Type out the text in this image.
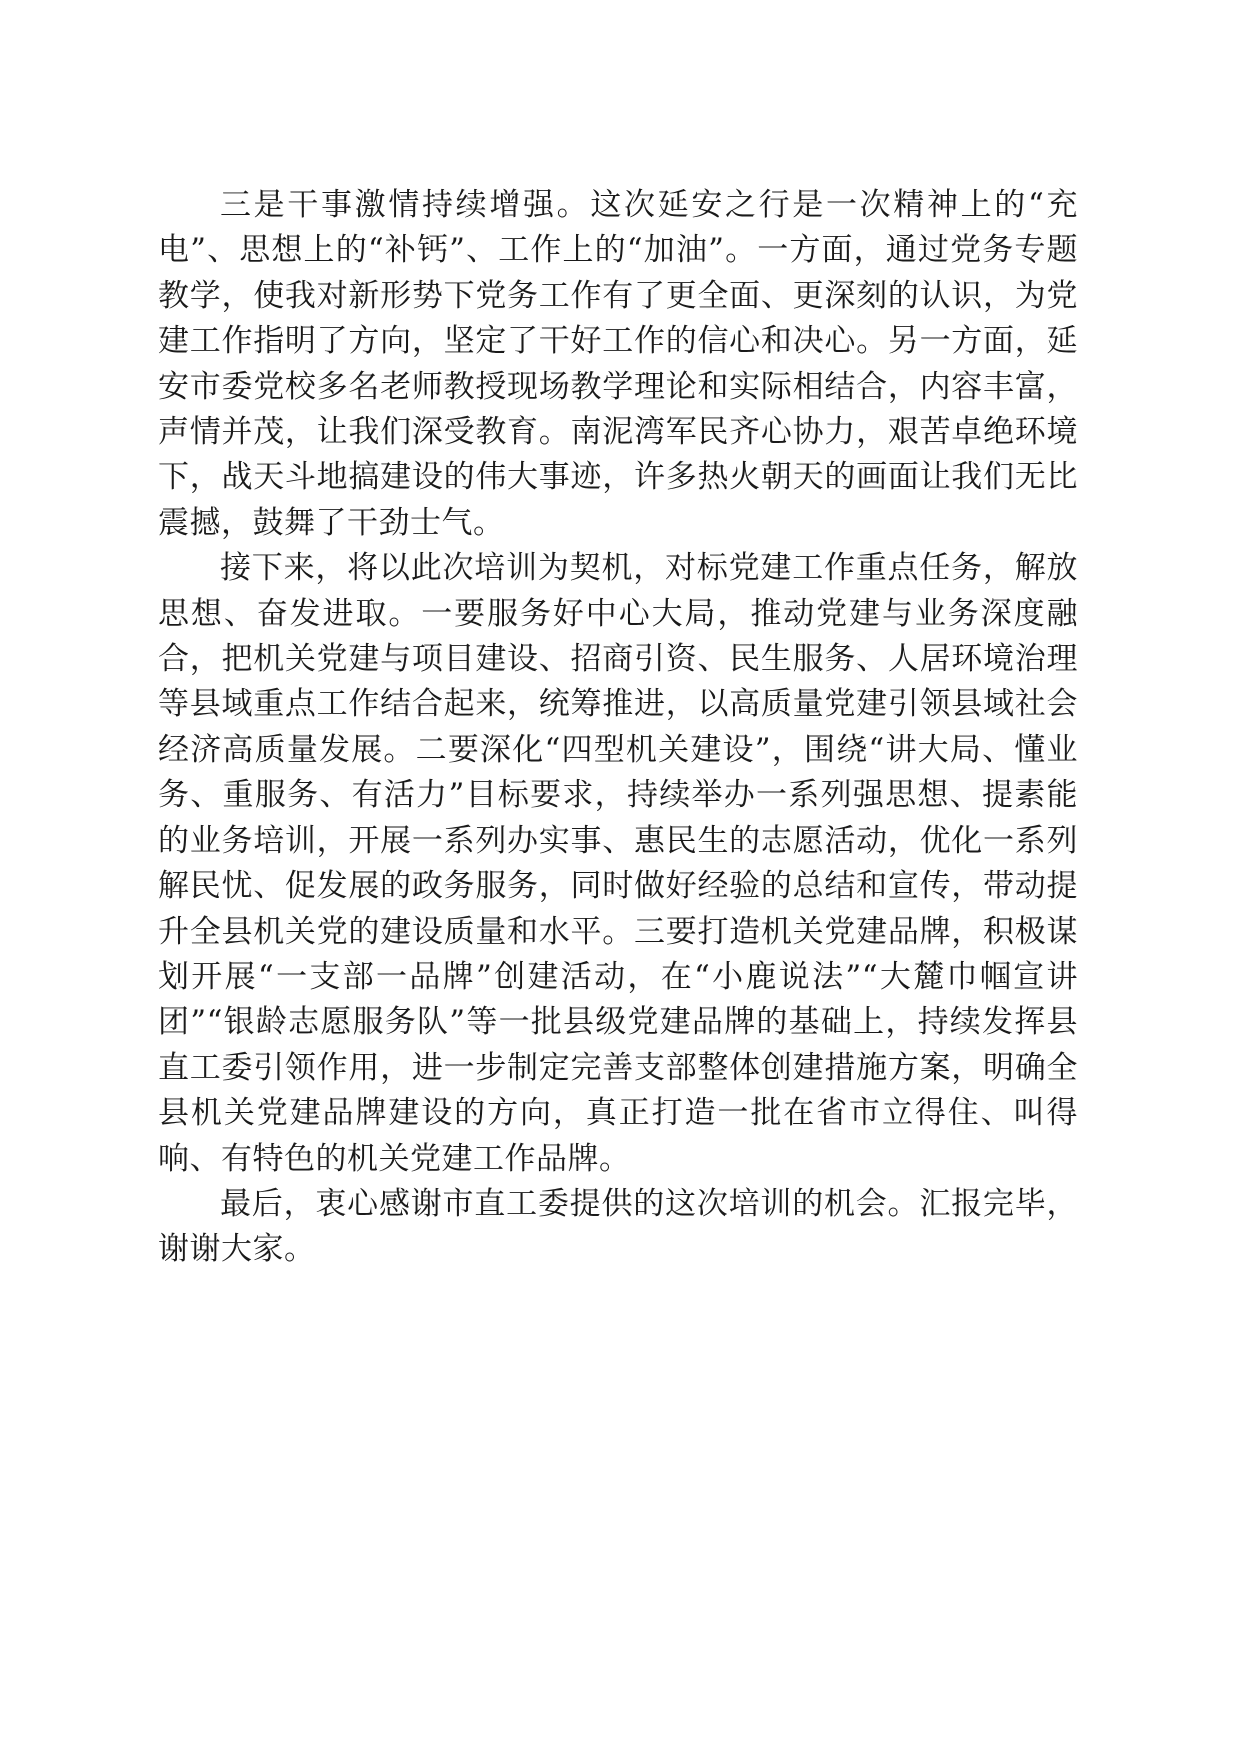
三是干事激情持续增强。这次延安之行是一次精神上的“充电”、思想上的“补钙”、工作上的“加油”。一方面，通过党务专题教学，使我对新形势下党务工作有了更全面、更深刻的认识，为党建工作指明了方向，坚定了干好工作的信心和决心。另一方面，延安市委党校多名老师教授现场教学理论和实际相结合，内容丰富，声情并茂，让我们深受教育。南泥湾军民齐心协力，艰苦卓绝环境下，战天斗地搞建设的伟大事迹，许多热火朝天的画面让我们无比震撼，鼓舞了干劲士气。

接下来，将以此次培训为契机，对标党建工作重点任务，解放思想、奋发进取。一要服务好中心大局，推动党建与业务深度融合，把机关党建与项目建设、招商引资、民生服务、人居环境治理等县域重点工作结合起来，统筹推进，以高质量党建引领县域社会经济高质量发展。二要深化“四型机关建设”，围绕“讲大局、懂业务、重服务、有活力”目标要求，持续举办一系列强思想、提素能的业务培训，开展一系列办实事、惠民生的志愿活动，优化一系列解民忧、促发展的政务服务，同时做好经验的总结和宣传，带动提升全县机关党的建设质量和水平。三要打造机关党建品牌，积极谋划开展“一支部一品牌”创建活动，在“小鹿说法”“大麓巾帼宣讲团”“银龄志愿服务队”等一批县级党建品牌的基础上，持续发挥县直工委引领作用，进一步制定完善支部整体创建措施方案，明确全县机关党建品牌建设的方向，真正打造一批在省市立得住、叫得响、有特色的机关党建工作品牌。

最后，衷心感谢市直工委提供的这次培训的机会。汇报完毕，谢谢大家。
